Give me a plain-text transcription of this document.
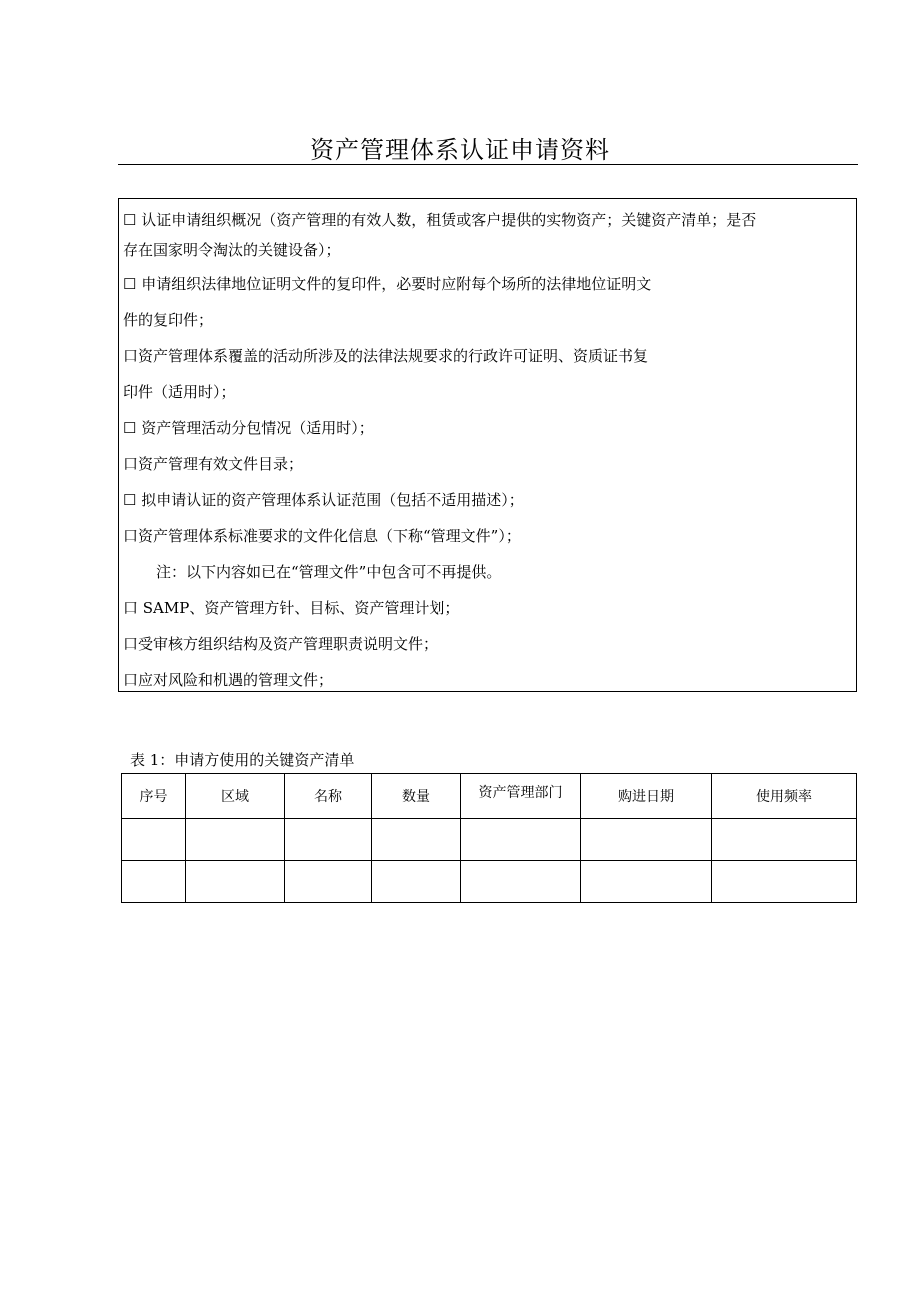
资产管理体系认证申请资料
☐ 认证申请组织概况（资产管理的有效人数，租赁或客户提供的实物资产；关键资产清单；是否
存在国家明令淘汰的关键设备）；
☐ 申请组织法律地位证明文件的复印件，必要时应附每个场所的法律地位证明文
件的复印件；
口资产管理体系覆盖的活动所涉及的法律法规要求的行政许可证明、资质证书复
印件（适用时）；
☐ 资产管理活动分包情况（适用时）；
口资产管理有效文件目录；
☐ 拟申请认证的资产管理体系认证范围（包括不适用描述）；
口资产管理体系标准要求的文件化信息（下称“管理文件”）；
注：以下内容如已在“管理文件”中包含可不再提供。
口 SAMP、资产管理方针、目标、资产管理计划；
口受审核方组织结构及资产管理职责说明文件；
口应对风险和机遇的管理文件；
表 1：申请方使用的关键资产清单
序号	区域	名称	数量	资产管理部门	购进日期	使用频率
